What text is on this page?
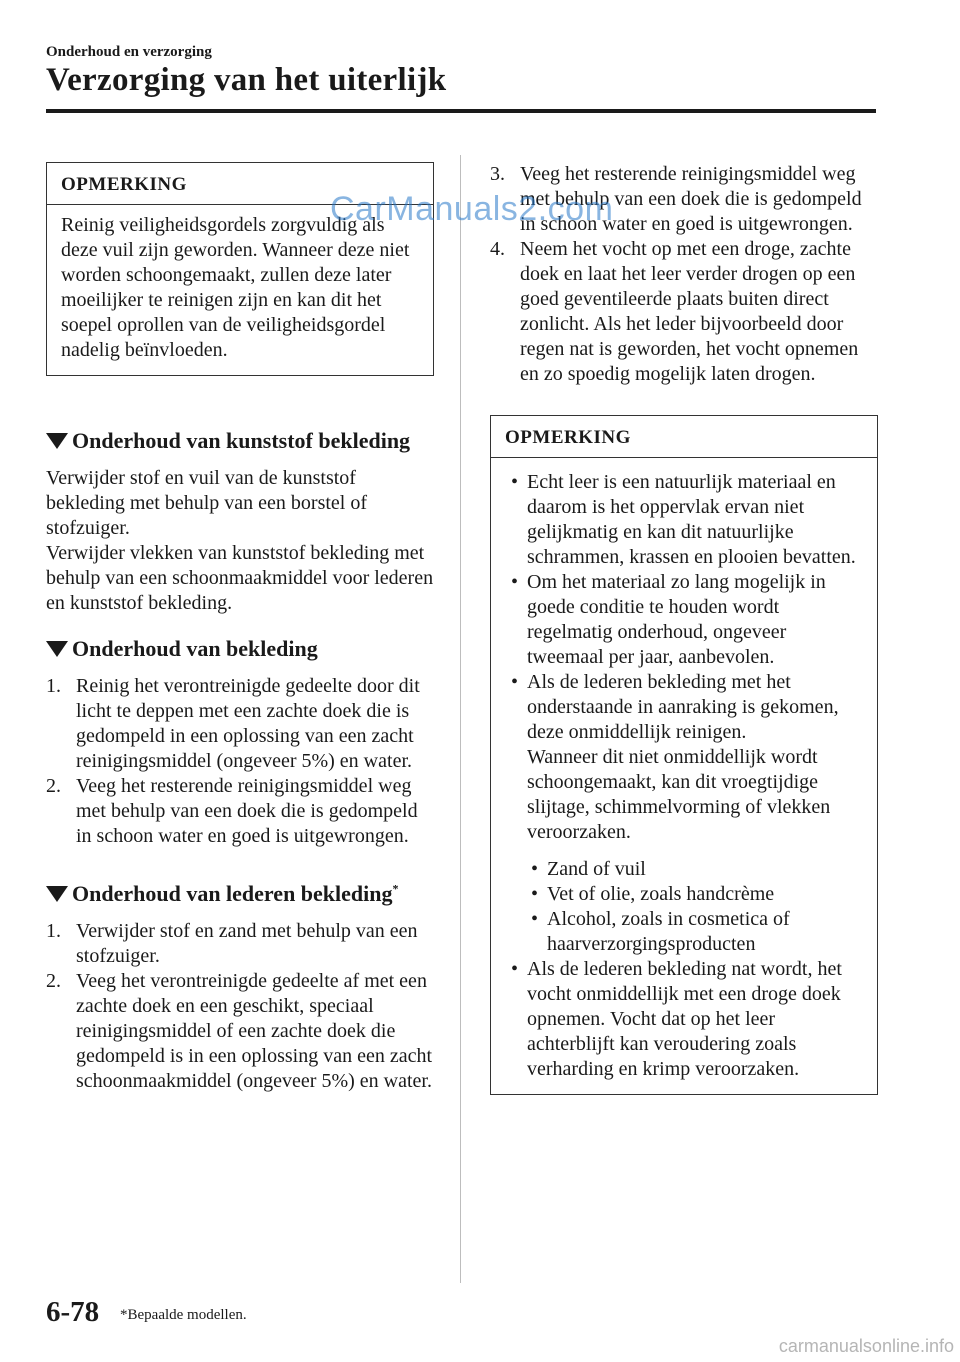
Onderhoud en verzorging
Verzorging van het uiterlijk
OPMERKING
Reinig veiligheidsgordels zorgvuldig als deze vuil zijn geworden. Wanneer deze niet worden schoongemaakt, zullen deze later moeilijker te reinigen zijn en kan dit het soepel oprollen van de veiligheidsgordel nadelig beïnvloeden.
Onderhoud van kunststof bekleding
Verwijder stof en vuil van de kunststof bekleding met behulp van een borstel of stofzuiger.
Verwijder vlekken van kunststof bekleding met behulp van een schoonmaakmiddel voor lederen en kunststof bekleding.
Onderhoud van bekleding
1. Reinig het verontreinigde gedeelte door dit licht te deppen met een zachte doek die is gedompeld in een oplossing van een zacht reinigingsmiddel (ongeveer 5%) en water.
2. Veeg het resterende reinigingsmiddel weg met behulp van een doek die is gedompeld in schoon water en goed is uitgewrongen.
Onderhoud van lederen bekleding*
1. Verwijder stof en zand met behulp van een stofzuiger.
2. Veeg het verontreinigde gedeelte af met een zachte doek en een geschikt, speciaal reinigingsmiddel of een zachte doek die gedompeld is in een oplossing van een zacht schoonmaakmiddel (ongeveer 5%) en water.
3. Veeg het resterende reinigingsmiddel weg met behulp van een doek die is gedompeld in schoon water en goed is uitgewrongen.
4. Neem het vocht op met een droge, zachte doek en laat het leer verder drogen op een goed geventileerde plaats buiten direct zonlicht. Als het leder bijvoorbeeld door regen nat is geworden, het vocht opnemen en zo spoedig mogelijk laten drogen.
OPMERKING
• Echt leer is een natuurlijk materiaal en daarom is het oppervlak ervan niet gelijkmatig en kan dit natuurlijke schrammen, krassen en plooien bevatten.
• Om het materiaal zo lang mogelijk in goede conditie te houden wordt regelmatig onderhoud, ongeveer tweemaal per jaar, aanbevolen.
• Als de lederen bekleding met het onderstaande in aanraking is gekomen, deze onmiddellijk reinigen.
Wanneer dit niet onmiddellijk wordt schoongemaakt, kan dit vroegtijdige slijtage, schimmelvorming of vlekken veroorzaken.
• Zand of vuil
• Vet of olie, zoals handcrème
• Alcohol, zoals in cosmetica of haarverzorgingsproducten
• Als de lederen bekleding nat wordt, het vocht onmiddellijk met een droge doek opnemen. Vocht dat op het leer achterblijft kan veroudering zoals verharding en krimp veroorzaken.
6-78 *Bepaalde modellen.
CarManuals2.com
carmanualsonline.info
